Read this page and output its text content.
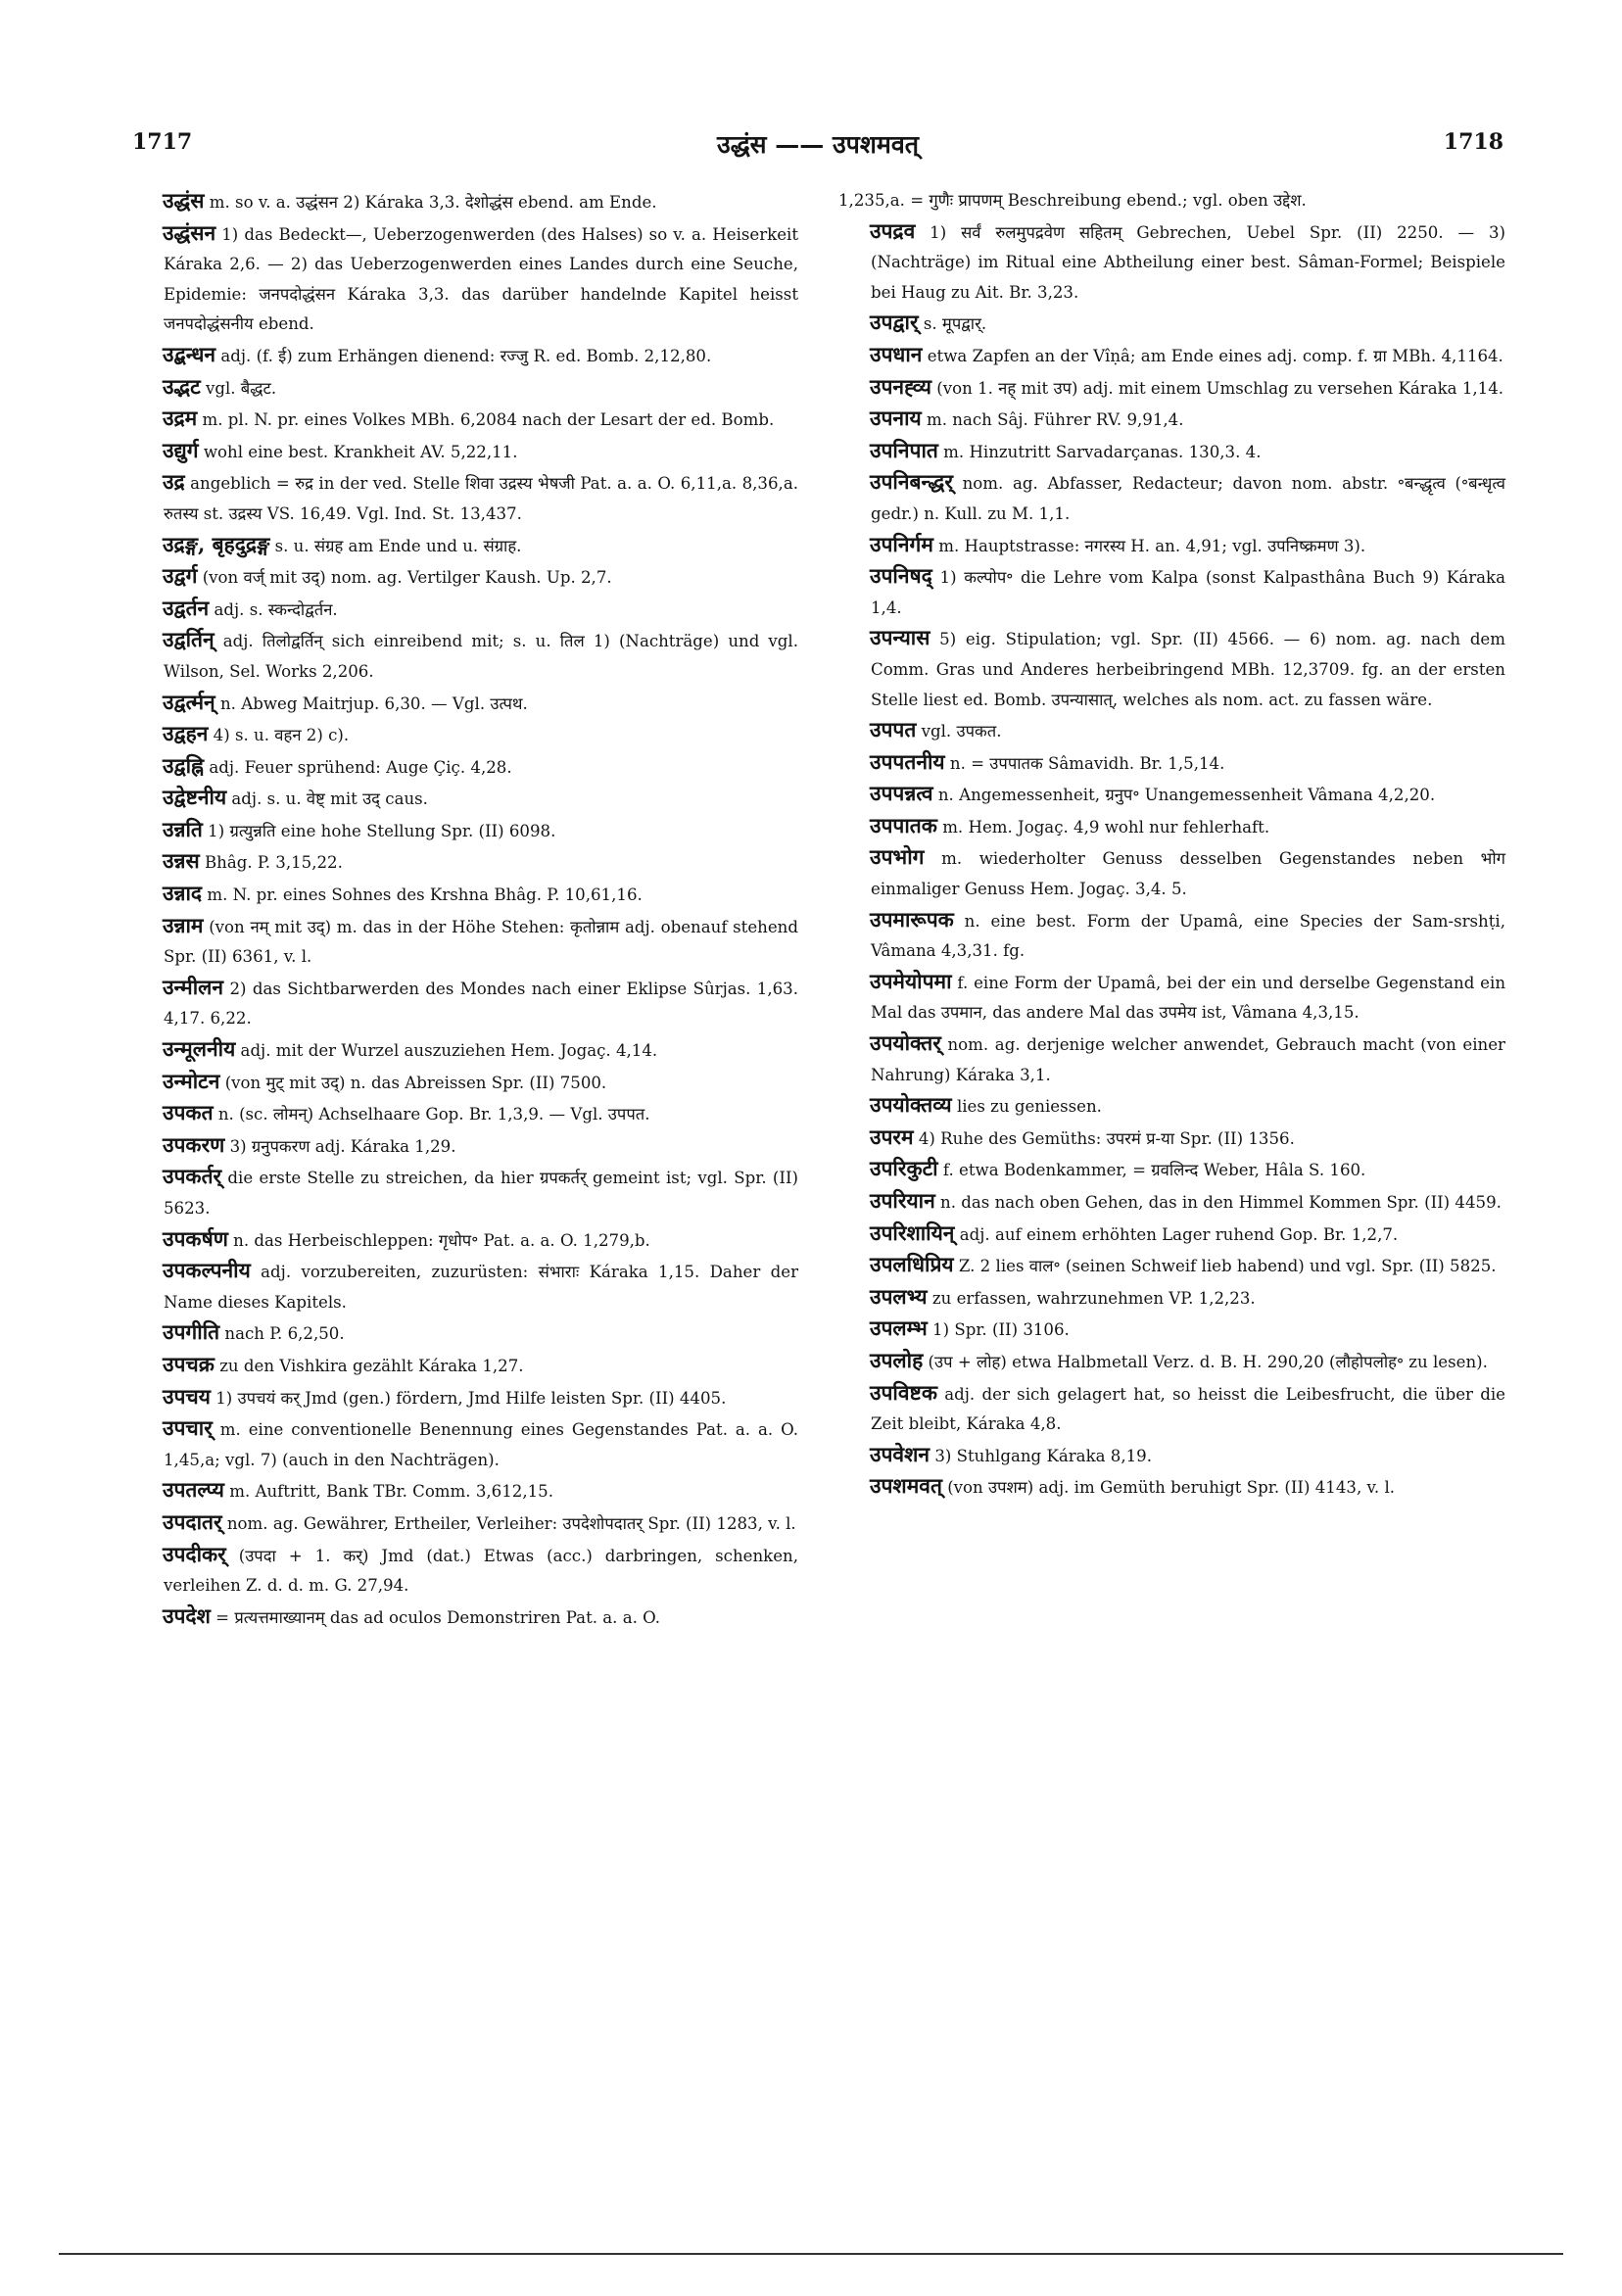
1717	उद्धंस —— उपशमवत्	1718
उद्धंस m. so v. a. उद्धंसन 2) Káraka 3,3. देशोद्धंस ebend. am Ende.
उद्धंसन 1) das Bedeckt—, Ueberzogenwerden (des Halses) so v. a. Heiserkeit Káraka 2,6. — 2) das Ueberzogenwerden eines Landes durch eine Seuche, Epidemie: जनपदोद्धंसन Káraka 3,3. das darüber handelnde Kapitel heisst जनपदोद्धंसनीय ebend.
उद्बन्धन adj. (f. ई) zum Erhängen dienend: रज्जु R. ed. Bomb. 2,12,80.
उद्भट vgl. बैद्धट.
उद्रम m. pl. N. pr. eines Volkes MBh. 6,2084 nach der Lesart der ed. Bomb.
उद्युर्ग wohl eine best. Krankheit AV. 5,22,11.
उद्र angeblich = रुद्र in der ved. Stelle शिवा उद्रस्य भेषजी Pat. a. a. O. 6,11,a. 8,36,a. रुतस्य st. उद्रस्य VS. 16,49. Vgl. Ind. St. 13,437.
उद्रङ्ग, बृहदुद्रङ्ग s. u. संग्रह am Ende und u. संग्राह.
उद्वर्ग (von वर्ज् mit उद्) nom. ag. Vertilger Kaush. Up. 2,7.
उद्वर्तन adj. s. स्कन्दोद्वर्तन.
उद्वर्तिन् adj. तिलोद्वर्तिन् sich einreibend mit; s. u. तिल 1) (Nachträge) und vgl. Wilson, Sel. Works 2,206.
उद्वर्त्मन् n. Abweg Maitrjup. 6,30. — Vgl. उत्पथ.
उद्वहन 4) s. u. वहन 2) c).
उद्वह्नि adj. Feuer sprühend: Auge Çiç. 4,28.
उद्वेष्टनीय adj. s. u. वेष्ट् mit उद् caus.
उन्नति 1) ग्रत्युन्नति eine hohe Stellung Spr. (II) 6098.
उन्नस Bhâg. P. 3,15,22.
उन्नाद m. N. pr. eines Sohnes des Krshna Bhâg. P. 10,61,16.
उन्नाम (von नम् mit उद्) m. das in der Höhe Stehen: कृतोन्नाम adj. obenauf stehend Spr. (II) 6361, v. l.
उन्मीलन 2) das Sichtbarwerden des Mondes nach einer Eklipse Sûrjas. 1,63. 4,17. 6,22.
उन्मूलनीय adj. mit der Wurzel auszuziehen Hem. Jogaç. 4,14.
उन्मोटन (von मुट् mit उद्) n. das Abreissen Spr. (II) 7500.
उपकत n. (sc. लोमन्) Achselhaare Gop. Br. 1,3,9. — Vgl. उपपत.
उपकरण 3) ग्रनुपकरण adj. Káraka 1,29.
उपकर्तर् die erste Stelle zu streichen, da hier ग्रपकर्तर् gemeint ist; vgl. Spr. (II) 5623.
उपकर्षण n. das Herbeischleppen: गृधोप॰ Pat. a. a. O. 1,279,b.
उपकल्पनीय adj. vorzubereiten, zuzurüsten: संभाराः Káraka 1,15. Daher der Name dieses Kapitels.
उपगीति nach P. 6,2,50.
उपचक्र zu den Vishkira gezählt Káraka 1,27.
उपचय 1) उपचयं कर् Jmd (gen.) fördern, Jmd Hilfe leisten Spr. (II) 4405.
उपचार् m. eine conventionelle Benennung eines Gegenstandes Pat. a. a. O. 1,45,a; vgl. 7) (auch in den Nachträgen).
उपतल्प्य m. Auftritt, Bank TBr. Comm. 3,612,15.
उपदातर् nom. ag. Gewährer, Ertheiler, Verleiher: उपदेशोपदातर् Spr. (II) 1283, v. l.
उपदीकर् (उपदा + 1. कर्) Jmd (dat.) Etwas (acc.) darbringen, schenken, verleihen Z. d. d. m. G. 27,94.
उपदेश = प्रत्यत्तमाख्यानम् das ad oculos Demonstriren Pat. a. a. O.
1,235,a. = गुणैः प्रापणम् Beschreibung ebend.; vgl. oben उद्देश.
उपद्रव 1) सर्वं रुलमुपद्रवेण सहितम् Gebrechen, Uebel Spr. (II) 2250. — 3) (Nachträge) im Ritual eine Abtheilung einer best. Sâman-Formel; Beispiele bei Haug zu Ait. Br. 3,23.
उपद्वार् s. मूपद्वार्.
उपधान etwa Zapfen an der Vîṇâ; am Ende eines adj. comp. f. ग्रा MBh. 4,1164.
उपनह्व्य (von 1. नह् mit उप) adj. mit einem Umschlag zu versehen Káraka 1,14.
उपनाय m. nach Sâj. Führer RV. 9,91,4.
उपनिपात m. Hinzutritt Sarvadarçanas. 130,3. 4.
उपनिबन्द्धर् nom. ag. Abfasser, Redacteur; davon nom. abstr. ॰बन्द्धृत्व (॰बन्धृत्व gedr.) n. Kull. zu M. 1,1.
उपनिर्गम m. Hauptstrasse: नगरस्य H. an. 4,91; vgl. उपनिष्क्रमण 3).
उपनिषद् 1) कल्पोप॰ die Lehre vom Kalpa (sonst Kalpasthâna Buch 9) Káraka 1,4.
उपन्यास 5) eig. Stipulation; vgl. Spr. (II) 4566. — 6) nom. ag. nach dem Comm. Gras und Anderes herbeibringend MBh. 12,3709. fg. an der ersten Stelle liest ed. Bomb. उपन्यासात्, welches als nom. act. zu fassen wäre.
उपपत vgl. उपकत.
उपपतनीय n. = उपपातक Sâmavidh. Br. 1,5,14.
उपपन्नत्व n. Angemessenheit, ग्रनुप॰ Unangemessenheit Vâmana 4,2,20.
उपपातक m. Hem. Jogaç. 4,9 wohl nur fehlerhaft.
उपभोग m. wiederholter Genuss desselben Gegenstandes neben भोग einmaliger Genuss Hem. Jogaç. 3,4. 5.
उपमारूपक n. eine best. Form der Upamâ, eine Species der Sam-srshṭi, Vâmana 4,3,31. fg.
उपमेयोपमा f. eine Form der Upamâ, bei der ein und derselbe Gegenstand ein Mal das उपमान, das andere Mal das उपमेय ist, Vâmana 4,3,15.
उपयोक्तर् nom. ag. derjenige welcher anwendet, Gebrauch macht (von einer Nahrung) Káraka 3,1.
उपयोक्तव्य lies zu geniessen.
उपरम 4) Ruhe des Gemüths: उपरमं प्र-या Spr. (II) 1356.
उपरिकुटी f. etwa Bodenkammer, = ग्रवलिन्द Weber, Hâla S. 160.
उपरियान n. das nach oben Gehen, das in den Himmel Kommen Spr. (II) 4459.
उपरिशायिन् adj. auf einem erhöhten Lager ruhend Gop. Br. 1,2,7.
उपलधिप्रिय Z. 2 lies वाल॰ (seinen Schweif lieb habend) und vgl. Spr. (II) 5825.
उपलभ्य zu erfassen, wahrzunehmen VP. 1,2,23.
उपलम्भ 1) Spr. (II) 3106.
उपलोह (उप + लोह) etwa Halbmetall Verz. d. B. H. 290,20 (लौहोपलोह॰ zu lesen).
उपविष्टक adj. der sich gelagert hat, so heisst die Leibesfrucht, die über die Zeit bleibt, Káraka 4,8.
उपवेशन 3) Stuhlgang Káraka 8,19.
उपशमवत् (von उपशम) adj. im Gemüth beruhigt Spr. (II) 4143, v. l.
